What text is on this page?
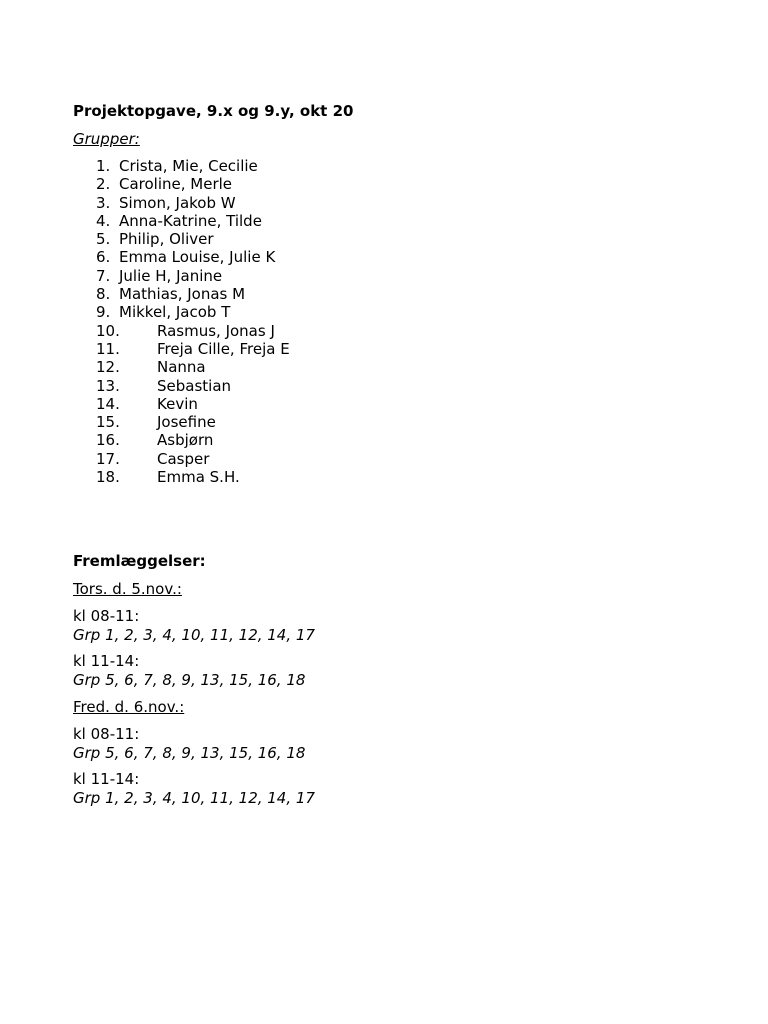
Projektopgave, 9.x og 9.y, okt 20
Grupper:
1. Crista, Mie, Cecilie
2. Caroline, Merle
3. Simon, Jakob W
4. Anna-Katrine, Tilde
5. Philip, Oliver
6. Emma Louise, Julie K
7. Julie H, Janine
8. Mathias, Jonas M
9. Mikkel, Jacob T
10. Rasmus, Jonas J
11. Freja Cille, Freja E
12. Nanna
13. Sebastian
14. Kevin
15. Josefine
16. Asbjørn
17. Casper
18. Emma S.H.
Fremlæggelser:
Tors. d. 5.nov.:
kl 08-11:
Grp 1, 2, 3, 4, 10, 11, 12, 14, 17
kl 11-14:
Grp 5, 6, 7, 8, 9, 13, 15, 16, 18
Fred. d. 6.nov.:
kl 08-11:
Grp 5, 6, 7, 8, 9, 13, 15, 16, 18
kl 11-14:
Grp 1, 2, 3, 4, 10, 11, 12, 14, 17
